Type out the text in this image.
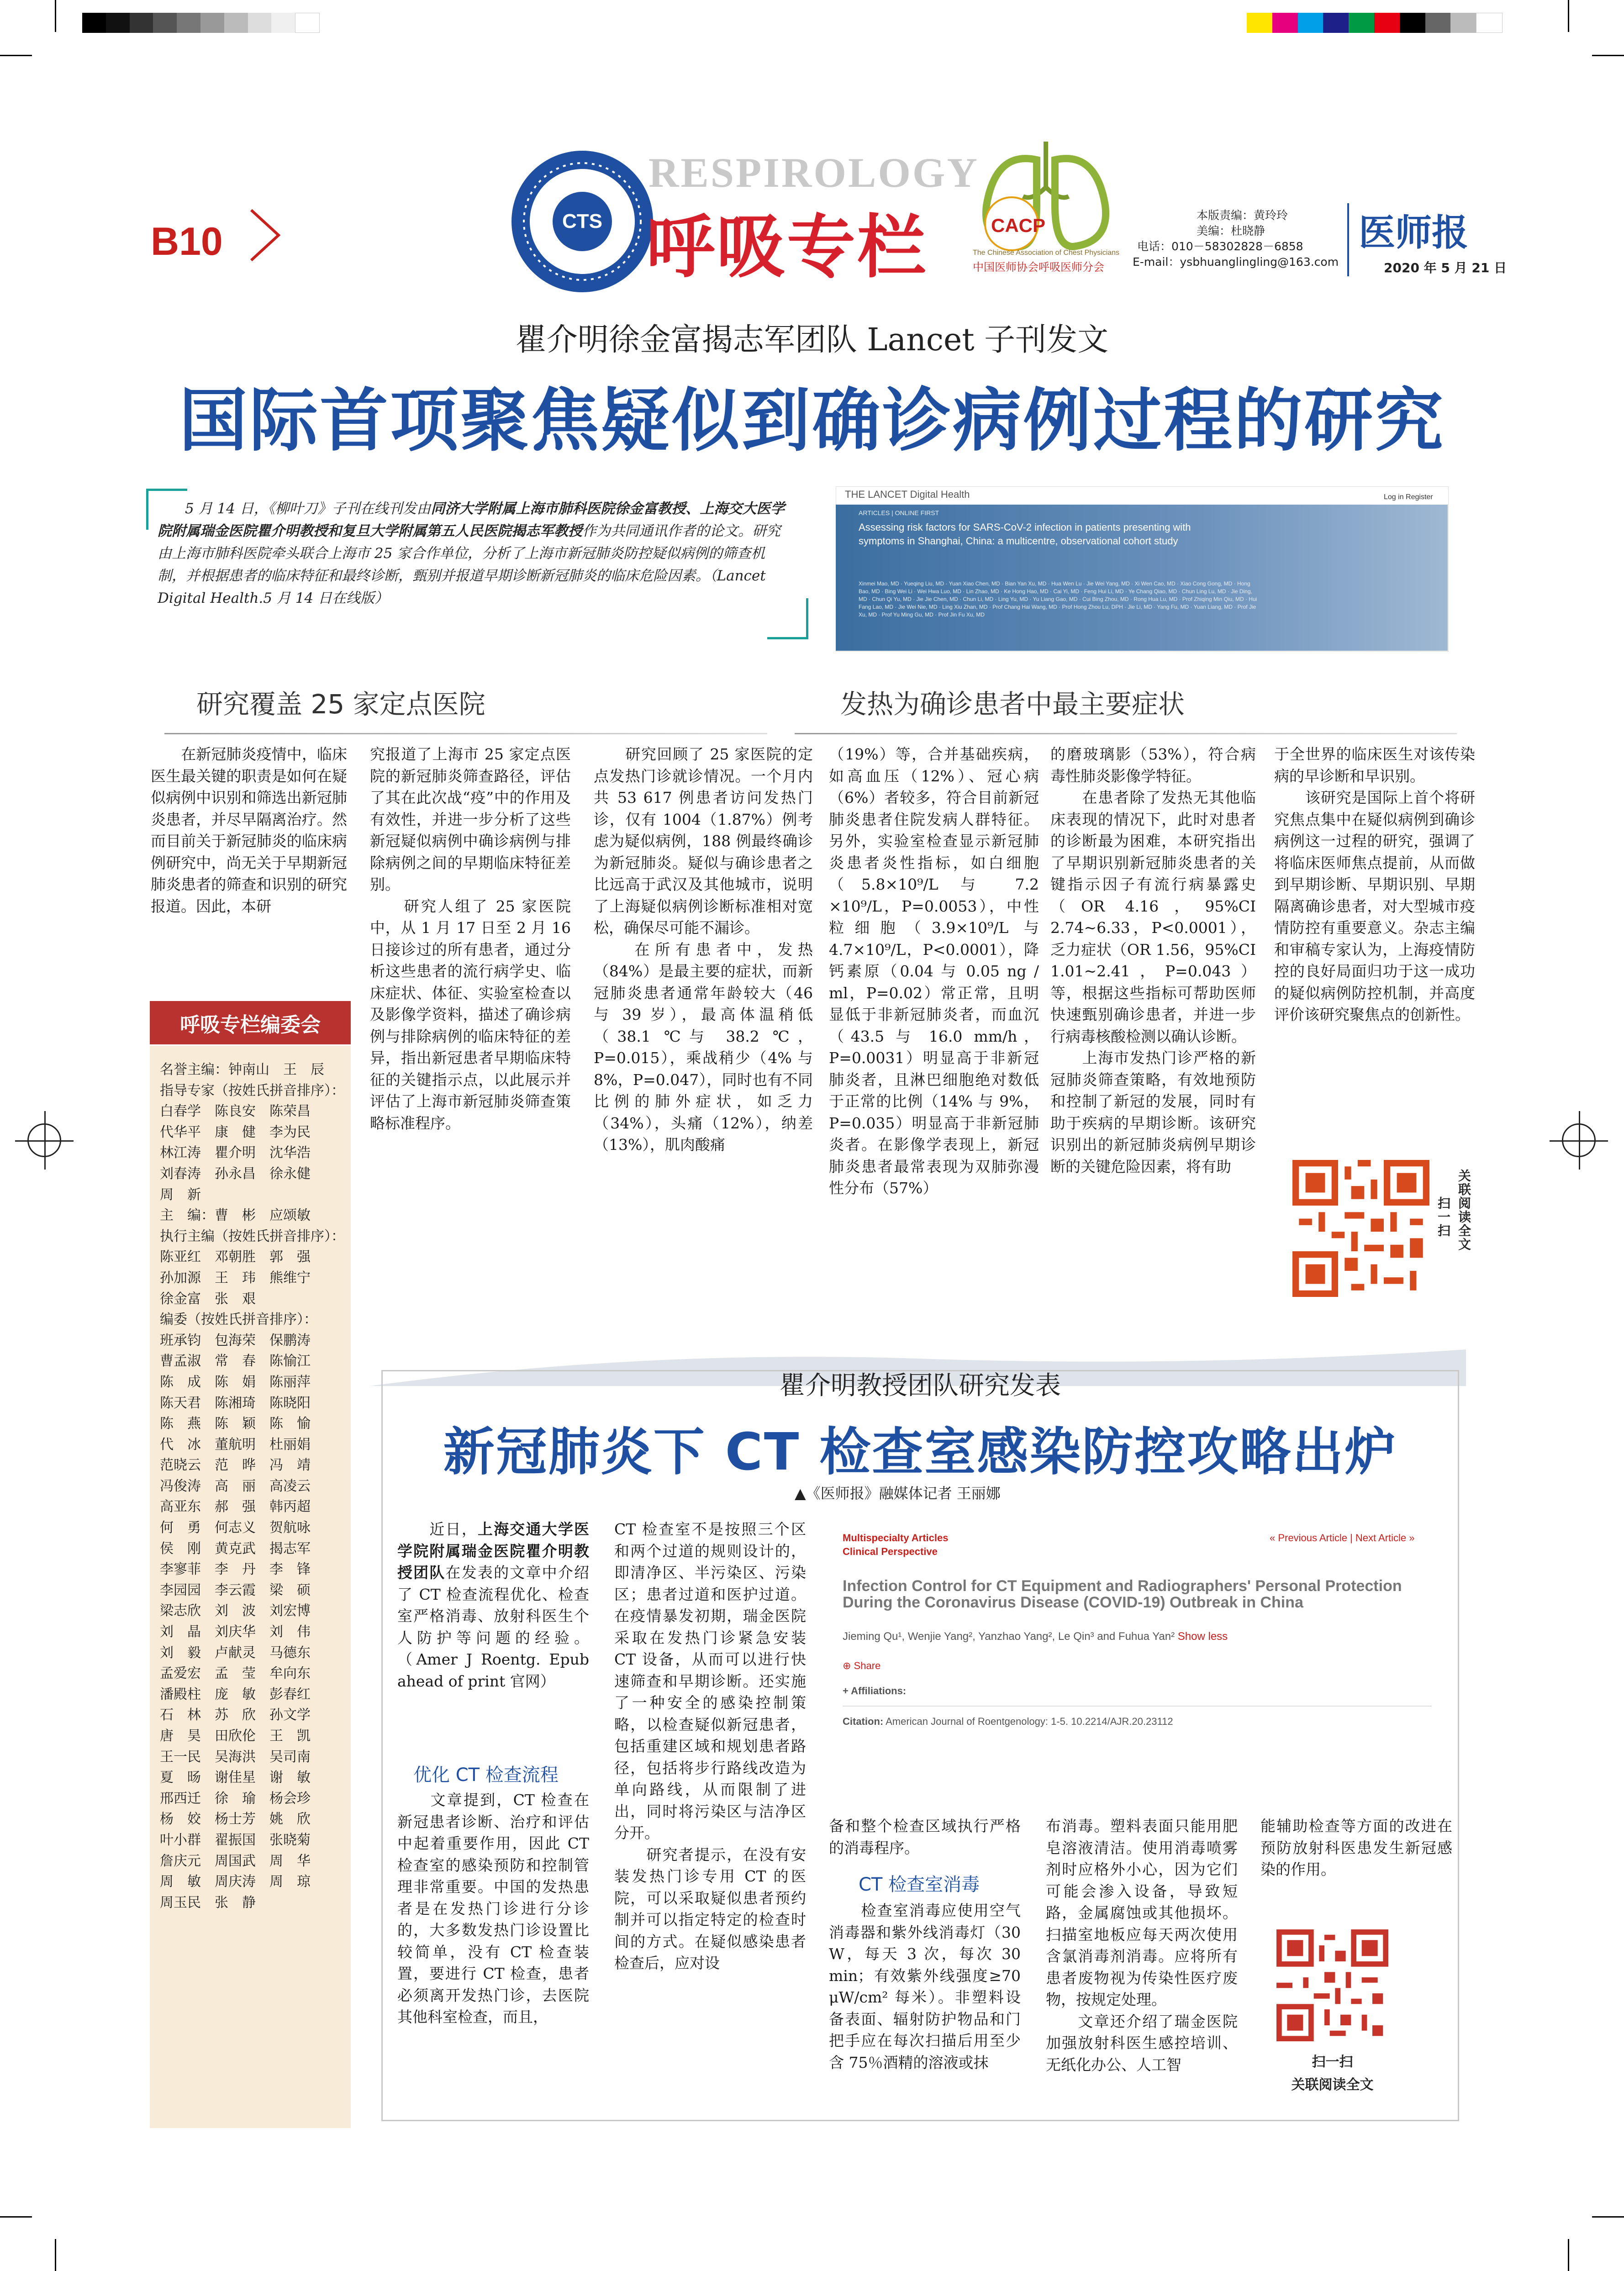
B10	CTS
RESPIROLOGY
呼吸专栏	CACP
The Chinese Association of Chest Physicians
中国医师协会呼吸医师分会
本版责编：黄玲玲
美编：杜晓静
电话：010－58302828－6858
E-mail：ysbhuanglingling@163.com
医师报
2020 年 5 月 21 日
瞿介明徐金富揭志军团队 Lancet 子刊发文
国际首项聚焦疑似到确诊病例过程的研究
5 月 14 日，《柳叶刀》子刊在线刊发由同济大学附属上海市肺科医院徐金富教授、上海交大医学院附属瑞金医院瞿介明教授和复旦大学附属第五人民医院揭志军教授作为共同通讯作者的论文。研究由上海市肺科医院牵头联合上海市 25 家合作单位，分析了上海市新冠肺炎防控疑似病例的筛查机制，并根据患者的临床特征和最终诊断，甄别并报道早期诊断新冠肺炎的临床危险因素。（Lancet Digital Health.5 月 14 日在线版）
THE LANCET Digital Health	Log in Register
ARTICLES | ONLINE FIRST
Assessing risk factors for SARS-CoV-2 infection in patients presenting with symptoms in Shanghai, China: a multicentre, observational cohort study
Xinmei Mao, MD · Yueqing Liu, MD · Yuan Xiao Chen, MD · Bian Yan Xu, MD · Hua Wen Lu · Jie Wei Yang, MD · Xi Wen Cao, MD · Xiao Cong Gong, MD · Hong Bao, MD · Bing Wei Li · Wei Hwa Luo, MD · Lin Zhao, MD · Ke Hong Hao, MD · Cai Yi, MD · Feng Hui Li, MD · Ye Chang Qiao, MD · Chun Ling Lu, MD · Jie Ding, MD · Chun Qi Yu, MD · Jie Jie Chen, MD · Chun Li, MD · Ling Yu, MD · Yu Liang Gao, MD · Cui Bing Zhou, MD · Rong Hua Lu, MD · Prof Zhiqing Min Qiu, MD · Hui Fang Lao, MD · Jie Wei Nie, MD · Ling Xiu Zhan, MD · Prof Chang Hai Wang, MD · Prof Hong Zhou Lu, DPH · Jie Li, MD · Yang Fu, MD · Yuan Liang, MD · Prof Jie Xu, MD · Prof Yu Ming Gu, MD · Prof Jin Fu Xu, MD
研究覆盖 25 家定点医院	发热为确诊患者中最主要症状
　　在新冠肺炎疫情中，临床医生最关键的职责是如何在疑似病例中识别和筛选出新冠肺炎患者，并尽早隔离治疗。然而目前关于新冠肺炎的临床病例研究中，尚无关于早期新冠肺炎患者的筛查和识别的研究报道。因此，本研
究报道了上海市 25 家定点医院的新冠肺炎筛查路径，评估了其在此次战“疫”中的作用及有效性，并进一步分析了这些新冠疑似病例中确诊病例与排除病例之间的早期临床特征差别。
　　研究人组了 25 家医院中，从 1 月 17 日至 2 月 16 日接诊过的所有患者，通过分析这些患者的流行病学史、临床症状、体征、实验室检查以及影像学资料，描述了确诊病例与排除病例的临床特征的差异，指出新冠患者早期临床特征的关键指示点，以此展示并评估了上海市新冠肺炎筛查策略标准程序。
　　研究回顾了 25 家医院的定点发热门诊就诊情况。一个月内共 53 617 例患者访问发热门诊，仅有 1004（1.87%）例考虑为疑似病例，188 例最终确诊为新冠肺炎。疑似与确诊患者之比远高于武汉及其他城市，说明了上海疑似病例诊断标准相对宽松，确保尽可能不漏诊。
　　在所有患者中，发热（84%）是最主要的症状，而新冠肺炎患者通常年龄较大（46 与 39 岁），最高体温稍低（38.1 ℃与 38.2 ℃，P=0.015），乘战稍少（4% 与 8%，P=0.047），同时也有不同比例的肺外症状，如乏力（34%），头痛（12%），纳差（13%），肌肉酸痛
（19%）等，合并基础疾病，如高血压（12%）、冠心病（6%）者较多，符合目前新冠肺炎患者住院发病人群特征。另外，实验室检查显示新冠肺炎患者炎性指标，如白细胞（5.8×10⁹/L 与 7.2 ×10⁹/L，P=0.0053），中性粒细胞（3.9×10⁹/L 与 4.7×10⁹/L，P<0.0001），降钙素原（0.04 与 0.05 ng / ml，P=0.02）常正常，且明显低于非新冠肺炎者，而血沉（43.5 与 16.0 mm/h，P=0.0031）明显高于非新冠肺炎者，且淋巴细胞绝对数低于正常的比例（14% 与 9%，P=0.035）明显高于非新冠肺炎者。在影像学表现上，新冠肺炎患者最常表现为双肺弥漫性分布（57%）
的磨玻璃影（53%），符合病毒性肺炎影像学特征。
　　在患者除了发热无其他临床表现的情况下，此时对患者的诊断最为困难，本研究指出了早期识别新冠肺炎患者的关键指示因子有流行病暴露史（OR 4.16，95%CI 2.74~6.33，P<0.0001），乏力症状（OR 1.56，95%CI 1.01~2.41，P=0.043）等，根据这些指标可帮助医师快速甄别确诊患者，并进一步行病毒核酸检测以确认诊断。
　　上海市发热门诊严格的新冠肺炎筛查策略，有效地预防和控制了新冠的发展，同时有助于疾病的早期诊断。该研究识别出的新冠肺炎病例早期诊断的关键危险因素，将有助
于全世界的临床医生对该传染病的早诊断和早识别。
　　该研究是国际上首个将研究焦点集中在疑似病例到确诊病例这一过程的研究，强调了将临床医师焦点提前，从而做到早期诊断、早期识别、早期隔离确诊患者，对大型城市疫情防控有重要意义。杂志主编和审稿专家认为，上海疫情防控的良好局面归功于这一成功的疑似病例防控机制，并高度评价该研究聚焦点的创新性。
关联阅读全文
扫一扫
呼吸专栏编委会
名誉主编：钟南山　王　辰
指导专家（按姓氏拼音排序）：
白春学　陈良安　陈荣昌
代华平　康　健　李为民
林江涛　瞿介明　沈华浩
刘春涛　孙永昌　徐永健
周　新
主　编：曹　彬　应颂敏
执行主编（按姓氏拼音排序）：
陈亚红　邓朝胜　郭　强
孙加源　王　玮　熊维宁
徐金富　张　艰
编委（按姓氏拼音排序）：
班承钧　包海荣　保鹏涛
曹孟淑　常　春　陈愉江
陈　成　陈　娟　陈丽萍
陈天君　陈湘琦　陈晓阳
陈　燕　陈　颖　陈　愉
代　冰　董航明　杜丽娟
范晓云　范　晔　冯　靖
冯俊涛　高　丽　高凌云
高亚东　郝　强　韩丙超
何　勇　何志义　贺航咏
侯　刚　黄克武　揭志军
李寥菲　李　丹　李　锋
李园园　李云霞　梁　硕
梁志欣　刘　波　刘宏博
刘　晶　刘庆华　刘　伟
刘　毅　卢献灵　马德东
孟爱宏　孟　莹　牟向东
潘殿柱　庞　敏　彭春红
石　林　苏　欣　孙文学
唐　昊　田欣伦　王　凯
王一民　吴海洪　吴司南
夏　旸　谢佳星　谢　敏
邢西迁　徐　瑜　杨会珍
杨　姣　杨士芳　姚　欣
叶小群　翟振国　张晓菊
詹庆元　周国武　周　华
周　敏　周庆涛　周　琼
周玉民　张　静
瞿介明教授团队研究发表
新冠肺炎下 CT 检查室感染防控攻略出炉
▲《医师报》融媒体记者 王丽娜
　　近日，上海交通大学医学院附属瑞金医院瞿介明教授团队在发表的文章中介绍了 CT 检查流程优化、检查室严格消毒、放射科医生个人防护等问题的经验。（Amer J Roentg. Epub ahead of print 官网）
优化 CT 检查流程
　　文章提到，CT 检查在新冠患者诊断、治疗和评估中起着重要作用，因此 CT 检查室的感染预防和控制管理非常重要。中国的发热患者是在发热门诊进行分诊的，大多数发热门诊设置比较简单，没有 CT 检查装置，要进行 CT 检查，患者必须离开发热门诊，去医院其他科室检查，而且，
CT 检查室不是按照三个区和两个过道的规则设计的，即清净区、半污染区、污染区；患者过道和医护过道。在疫情暴发初期，瑞金医院采取在发热门诊紧急安装 CT 设备，从而可以进行快速筛查和早期诊断。还实施了一种安全的感染控制策略，以检查疑似新冠患者，包括重建区域和规划患者路径，包括将步行路线改造为单向路线，从而限制了进出，同时将污染区与洁净区分开。
　　研究者提示，在没有安装发热门诊专用 CT 的医院，可以采取疑似患者预约制并可以指定特定的检查时间的方式。在疑似感染患者检查后，应对设
Multispecialty Articles
Clinical Perspective
« Previous Article | Next Article »
Infection Control for CT Equipment and Radiographers' Personal Protection During the Coronavirus Disease (COVID-19) Outbreak in China
Jieming Qu¹, Wenjie Yang², Yanzhao Yang², Le Qin³ and Fuhua Yan² Show less
⊕ Share
+ Affiliations:
Citation: American Journal of Roentgenology: 1-5. 10.2214/AJR.20.23112
备和整个检查区域执行严格的消毒程序。
CT 检查室消毒
　　检查室消毒应使用空气消毒器和紫外线消毒灯（30 W，每天 3 次，每次 30 min；有效紫外线强度≥70 μW/cm² 每米）。非塑料设备表面、辐射防护物品和门把手应在每次扫描后用至少含 75％酒精的溶液或抹
布消毒。塑料表面只能用肥皂溶液清洁。使用消毒喷雾剂时应格外小心，因为它们可能会渗入设备，导致短路，金属腐蚀或其他损坏。扫描室地板应每天两次使用含氯消毒剂消毒。应将所有患者废物视为传染性医疗废物，按规定处理。
　　文章还介绍了瑞金医院加强放射科医生感控培训、无纸化办公、人工智
能辅助检查等方面的改进在预防放射科医患发生新冠感染的作用。
扫一扫
关联阅读全文
